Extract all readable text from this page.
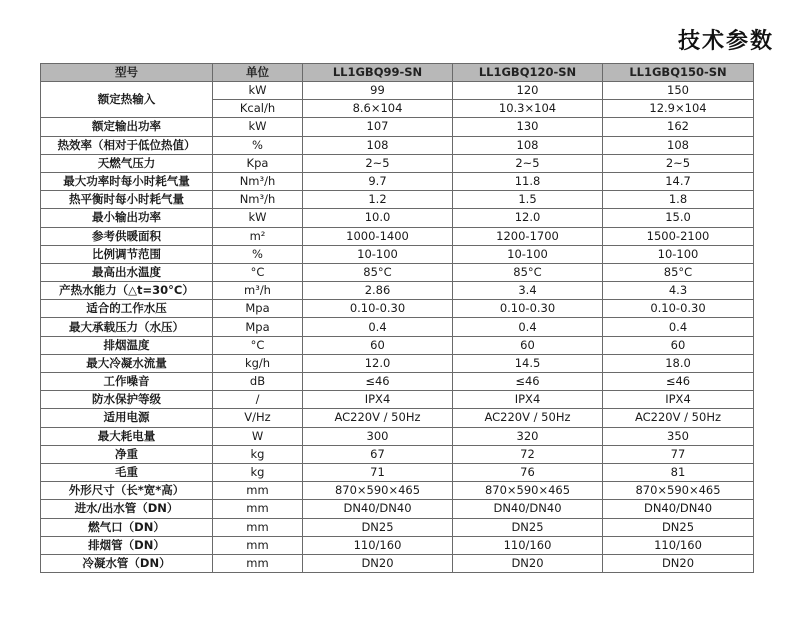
技术参数
型号	单位	LL1GBQ99-SN	LL1GBQ120-SN	LL1GBQ150-SN
额定热输入	kW	99	120	150
	Kcal/h	8.6×104	10.3×104	12.9×104
额定输出功率	kW	107	130	162
热效率（相对于低位热值）	%	108	108	108
天燃气压力	Kpa	2~5	2~5	2~5
最大功率时每小时耗气量	Nm³/h	9.7	11.8	14.7
热平衡时每小时耗气量	Nm³/h	1.2	1.5	1.8
最小输出功率	kW	10.0	12.0	15.0
参考供暖面积	m²	1000-1400	1200-1700	1500-2100
比例调节范围	%	10-100	10-100	10-100
最高出水温度	°C	85°C	85°C	85°C
产热水能力（△t=30°C）	m³/h	2.86	3.4	4.3
适合的工作水压	Mpa	0.10-0.30	0.10-0.30	0.10-0.30
最大承载压力（水压）	Mpa	0.4	0.4	0.4
排烟温度	°C	60	60	60
最大冷凝水流量	kg/h	12.0	14.5	18.0
工作噪音	dB	≤46	≤46	≤46
防水保护等级	/	IPX4	IPX4	IPX4
适用电源	V/Hz	AC220V / 50Hz	AC220V / 50Hz	AC220V / 50Hz
最大耗电量	W	300	320	350
净重	kg	67	72	77
毛重	kg	71	76	81
外形尺寸（长*宽*高）	mm	870×590×465	870×590×465	870×590×465
进水/出水管（DN）	mm	DN40/DN40	DN40/DN40	DN40/DN40
燃气口（DN）	mm	DN25	DN25	DN25
排烟管（DN）	mm	110/160	110/160	110/160
冷凝水管（DN）	mm	DN20	DN20	DN20
